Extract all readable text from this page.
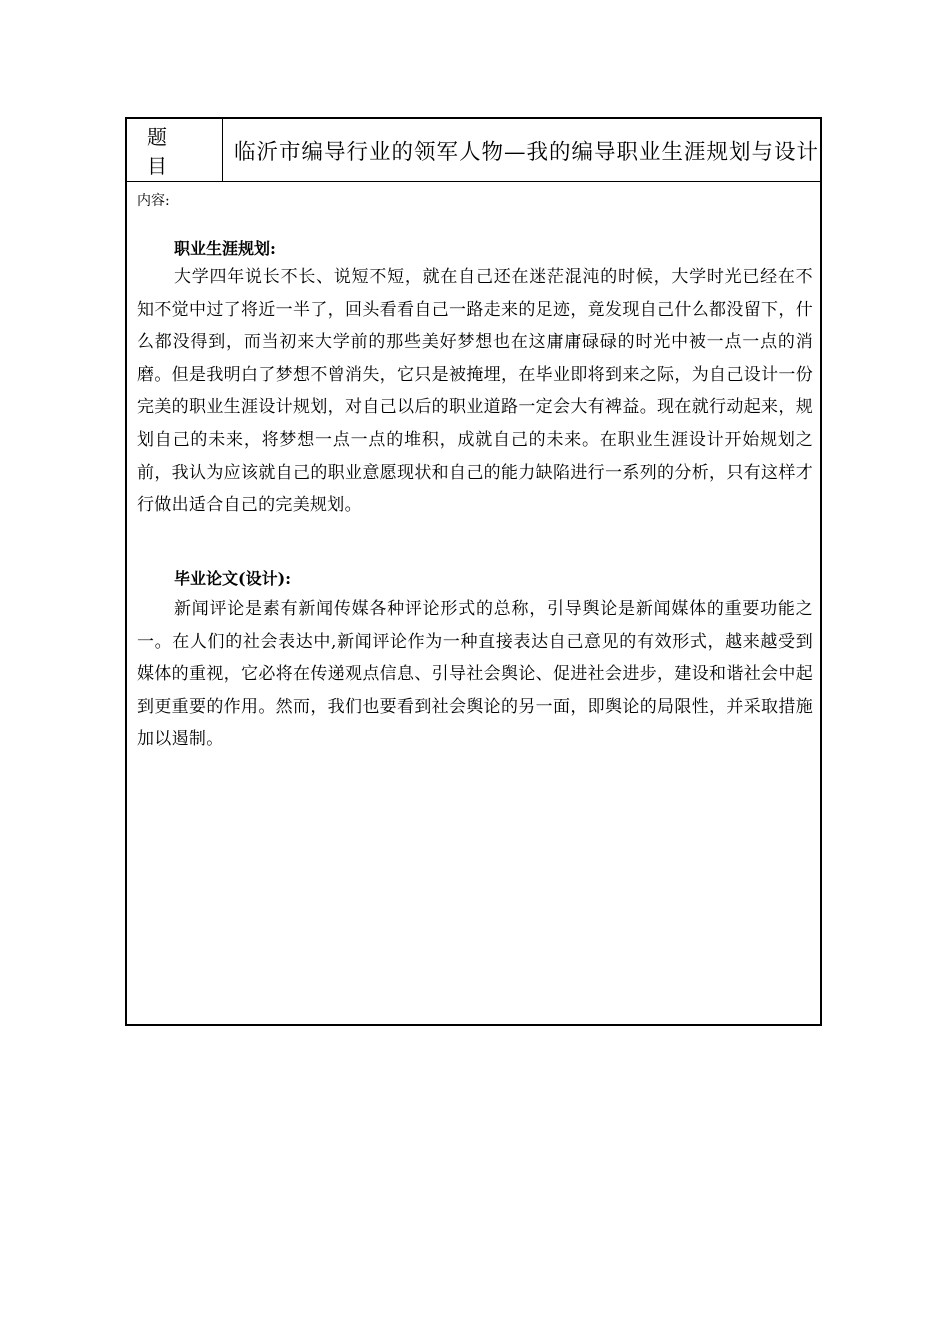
题 目
临沂市编导行业的领军人物—我的编导职业生涯规划与设计
内容:
职业生涯规划:
大学四年说长不长、说短不短，就在自己还在迷茫混沌的时候，大学时光已经在不知不觉中过了将近一半了，回头看看自己一路走来的足迹，竟发现自己什么都没留下，什么都没得到，而当初来大学前的那些美好梦想也在这庸庸碌碌的时光中被一点一点的消磨。但是我明白了梦想不曾消失，它只是被掩埋，在毕业即将到来之际，为自己设计一份完美的职业生涯设计规划，对自己以后的职业道路一定会大有裨益。现在就行动起来，规划自己的未来，将梦想一点一点的堆积，成就自己的未来。在职业生涯设计开始规划之前，我认为应该就自己的职业意愿现状和自己的能力缺陷进行一系列的分析，只有这样才行做出适合自己的完美规划。
毕业论文(设计):
新闻评论是素有新闻传媒各种评论形式的总称，引导舆论是新闻媒体的重要功能之一。在人们的社会表达中,新闻评论作为一种直接表达自己意见的有效形式，越来越受到媒体的重视，它必将在传递观点信息、引导社会舆论、促进社会进步，建设和谐社会中起到更重要的作用。然而，我们也要看到社会舆论的另一面，即舆论的局限性，并采取措施加以遏制。
